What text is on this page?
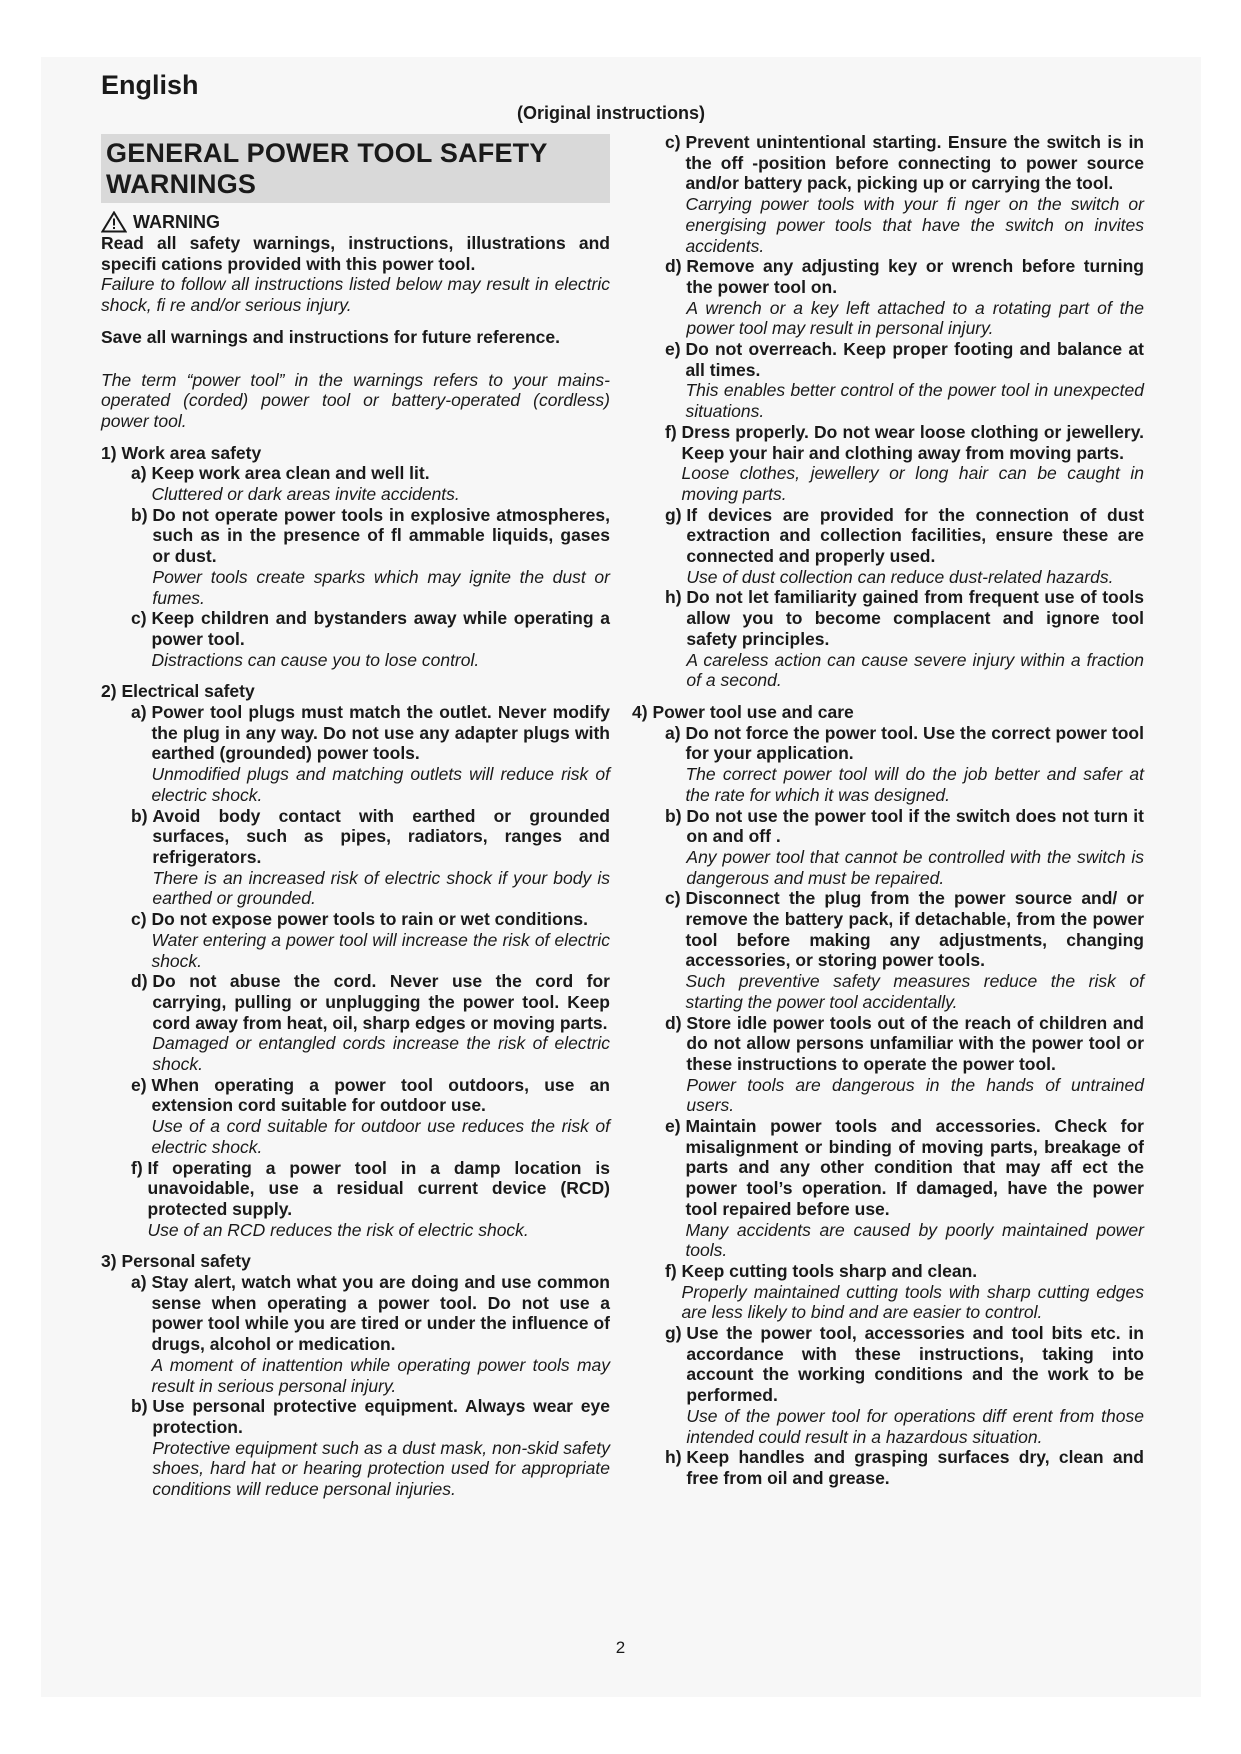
English
(Original instructions)
GENERAL POWER TOOL SAFETY WARNINGS
WARNING

Read all safety warnings, instructions, illustrations and specifi cations provided with this power tool.

Failure to follow all instructions listed below may result in electric shock, fi re and/or serious injury.

Save all warnings and instructions for future reference.

The term “power tool” in the warnings refers to your mains-operated (corded) power tool or battery-operated (cordless) power tool.

1) Work area safety
a)
Keep work area clean and well lit.

Cluttered or dark areas invite accidents.

b)
Do not operate power tools in explosive atmospheres, such as in the presence of fl ammable liquids, gases or dust.

Power tools create sparks which may ignite the dust or fumes.

c)
Keep children and bystanders away while operating a power tool.

Distractions can cause you to lose control.

2) Electrical safety
a)
Power tool plugs must match the outlet. Never modify the plug in any way. Do not use any adapter plugs with earthed (grounded) power tools.

Unmodified plugs and matching outlets will reduce risk of electric shock.

b)
Avoid body contact with earthed or grounded surfaces, such as pipes, radiators, ranges and refrigerators.

There is an increased risk of electric shock if your body is earthed or grounded.

c)
Do not expose power tools to rain or wet conditions.

Water entering a power tool will increase the risk of electric shock.

d)
Do not abuse the cord. Never use the cord for carrying, pulling or unplugging the power tool. Keep cord away from heat, oil, sharp edges or moving parts.

Damaged or entangled cords increase the risk of electric shock.

e)
When operating a power tool outdoors, use an extension cord suitable for outdoor use.

Use of a cord suitable for outdoor use reduces the risk of electric shock.

f)
If operating a power tool in a damp location is unavoidable, use a residual current device (RCD) protected supply.

Use of an RCD reduces the risk of electric shock.

3) Personal safety
a)
Stay alert, watch what you are doing and use common sense when operating a power tool. Do not use a power tool while you are tired or under the influence of drugs, alcohol or medication.

A moment of inattention while operating power tools may result in serious personal injury.

b)
Use personal protective equipment. Always wear eye protection.

Protective equipment such as a dust mask, non-skid safety shoes, hard hat or hearing protection used for appropriate conditions will reduce personal injuries.

c)
Prevent unintentional starting. Ensure the switch is in the off -position before connecting to power source and/or battery pack, picking up or carrying the tool.

Carrying power tools with your fi nger on the switch or energising power tools that have the switch on invites accidents.

d)
Remove any adjusting key or wrench before turning the power tool on.

A wrench or a key left attached to a rotating part of the power tool may result in personal injury.

e)
Do not overreach. Keep proper footing and balance at all times.

This enables better control of the power tool in unexpected situations.

f)
Dress properly. Do not wear loose clothing or jewellery. Keep your hair and clothing away from moving parts.

Loose clothes, jewellery or long hair can be caught in moving parts.

g)
If devices are provided for the connection of dust extraction and collection facilities, ensure these are connected and properly used.

Use of dust collection can reduce dust-related hazards.

h)
Do not let familiarity gained from frequent use of tools allow you to become complacent and ignore tool safety principles.

A careless action can cause severe injury within a fraction of a second.

4) Power tool use and care
a)
Do not force the power tool. Use the correct power tool for your application.

The correct power tool will do the job better and safer at the rate for which it was designed.

b)
Do not use the power tool if the switch does not turn it on and off .

Any power tool that cannot be controlled with the switch is dangerous and must be repaired.

c)
Disconnect the plug from the power source and/ or remove the battery pack, if detachable, from the power tool before making any adjustments, changing accessories, or storing power tools.

Such preventive safety measures reduce the risk of starting the power tool accidentally.

d)
Store idle power tools out of the reach of children and do not allow persons unfamiliar with the power tool or these instructions to operate the power tool.

Power tools are dangerous in the hands of untrained users.

e)
Maintain power tools and accessories. Check for misalignment or binding of moving parts, breakage of parts and any other condition that may aff ect the power tool’s operation. If damaged, have the power tool repaired before use.

Many accidents are caused by poorly maintained power tools.

f)
Keep cutting tools sharp and clean.

Properly maintained cutting tools with sharp cutting edges are less likely to bind and are easier to control.

g)
Use the power tool, accessories and tool bits etc. in accordance with these instructions, taking into account the working conditions and the work to be performed.

Use of the power tool for operations diff erent from those intended could result in a hazardous situation.

h)
Keep handles and grasping surfaces dry, clean and free from oil and grease.

2
